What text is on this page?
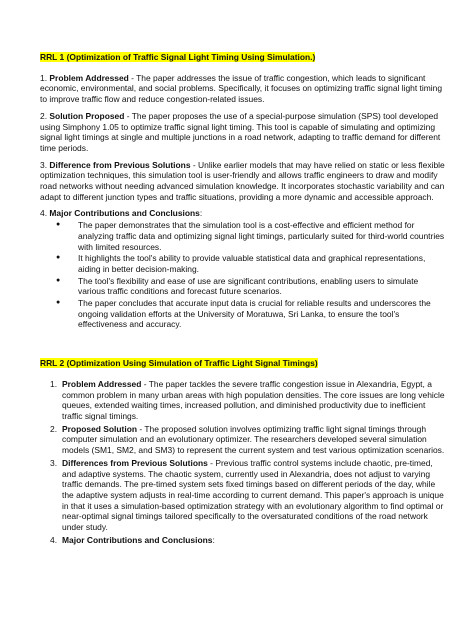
RRL 1 (Optimization of Traffic Signal Light Timing Using Simulation.)

1. Problem Addressed - The paper addresses the issue of traffic congestion, which leads to significant economic, environmental, and social problems. Specifically, it focuses on optimizing traffic signal light timing to improve traffic flow and reduce congestion-related issues.

2. Solution Proposed - The paper proposes the use of a special-purpose simulation (SPS) tool developed using Simphony 1.05 to optimize traffic signal light timing. This tool is capable of simulating and optimizing signal light timings at single and multiple junctions in a road network, adapting to traffic demand for different time periods.

3. Difference from Previous Solutions - Unlike earlier models that may have relied on static or less flexible optimization techniques, this simulation tool is user-friendly and allows traffic engineers to draw and modify road networks without needing advanced simulation knowledge. It incorporates stochastic variability and can adapt to different junction types and traffic situations, providing a more dynamic and accessible approach.

4. Major Contributions and Conclusions:

● The paper demonstrates that the simulation tool is a cost-effective and efficient method for analyzing traffic data and optimizing signal light timings, particularly suited for third-world countries with limited resources.
● It highlights the tool's ability to provide valuable statistical data and graphical representations, aiding in better decision-making.
● The tool's flexibility and ease of use are significant contributions, enabling users to simulate various traffic conditions and forecast future scenarios.
● The paper concludes that accurate input data is crucial for reliable results and underscores the ongoing validation efforts at the University of Moratuwa, Sri Lanka, to ensure the tool's effectiveness and accuracy.
RRL 2 (Optimization Using Simulation of Traffic Light Signal Timings)
1. Problem Addressed - The paper tackles the severe traffic congestion issue in Alexandria, Egypt, a common problem in many urban areas with high population densities. The core issues are long vehicle queues, extended waiting times, increased pollution, and diminished productivity due to inefficient traffic signal timings.
2. Proposed Solution - The proposed solution involves optimizing traffic light signal timings through computer simulation and an evolutionary optimizer. The researchers developed several simulation models (SM1, SM2, and SM3) to represent the current system and test various optimization scenarios.
3. Differences from Previous Solutions - Previous traffic control systems include chaotic, pre-timed, and adaptive systems. The chaotic system, currently used in Alexandria, does not adjust to varying traffic demands. The pre-timed system sets fixed timings based on different periods of the day, while the adaptive system adjusts in real-time according to current demand. This paper's approach is unique in that it uses a simulation-based optimization strategy with an evolutionary algorithm to find optimal or near-optimal signal timings tailored specifically to the oversaturated conditions of the road network under study.
4. Major Contributions and Conclusions:
